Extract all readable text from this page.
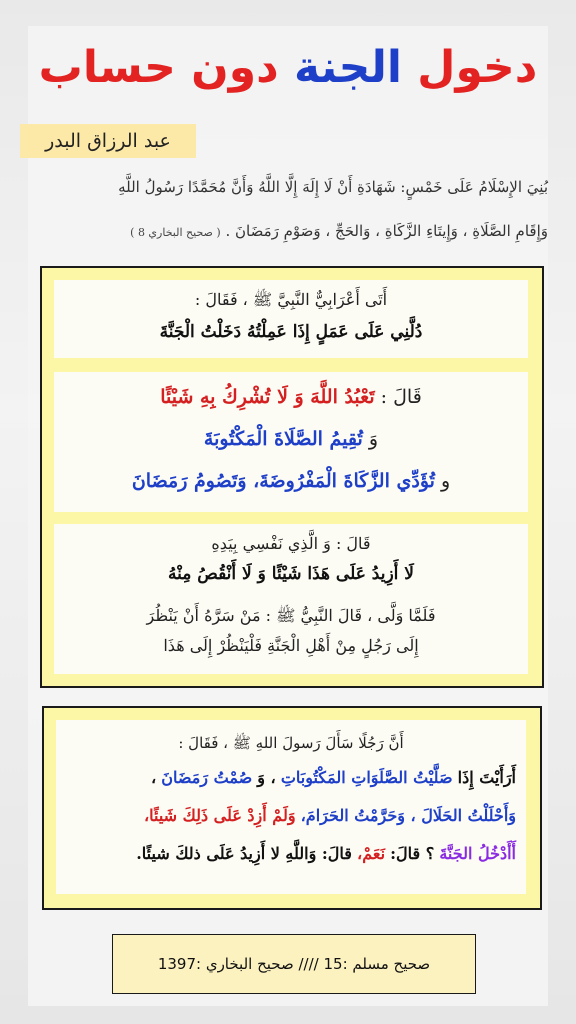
دخول الجنة دون حساب
عبد الرزاق البدر
بُنِيَ الإِسْلَامُ عَلَى خَمْسٍ: شَهَادَةِ أَنْ لَا إِلَهَ إِلَّا اللَّهُ وَأَنَّ مُحَمَّدًا رَسُولُ اللَّهِ
وَإِقَامِ الصَّلَاةِ ، وَإِيتَاءِ الزَّكَاةِ ، وَالحَجِّ ، وَصَوْمِ رَمَضَانَ . ( صحيح البخاري 8 )
أَتَى أَعْرَابِيٌّ النَّبِيَّ ﷺ ، فَقَالَ :
دُلَّنِي عَلَى عَمَلٍ إِذَا عَمِلْتُهُ دَخَلْتُ الْجَنَّةَ
قَالَ : تَعْبُدُ اللَّهَ وَ لَا تُشْرِكُ بِهِ شَيْئًا
وَ تُقِيمُ الصَّلَاةَ الْمَكْتُوبَةَ
و تُؤَدِّي الزَّكَاةَ الْمَفْرُوضَةَ، وَتَصُومُ رَمَضَانَ
قَالَ : وَ الَّذِي نَفْسِي بِيَدِهِ
لَا أَزِيدُ عَلَى هَذَا شَيْئًا وَ لَا أَنْقُصُ مِنْهُ
فَلَمَّا وَلَّى ، قَالَ النَّبِيُّ ﷺ : مَنْ سَرَّهُ أَنْ يَنْظُرَ
إِلَى رَجُلٍ مِنْ أَهْلِ الْجَنَّةِ فَلْيَنْظُرْ إِلَى هَذَا
أَنَّ رَجُلًا سَأَلَ رَسولَ اللهِ ﷺ ، فَقَالَ :
أَرَأَيْتَ إِذَا صَلَّيْتُ الصَّلَوَاتِ المَكْتُوبَاتِ ، وَ صُمْتُ رَمَضَانَ ،
وَأَحْلَلْتُ الحَلَالَ ، وَحَرَّمْتُ الحَرَامَ، وَلَمْ أَزِدْ عَلَى ذَلِكَ شَيئًا،
أَأَدْخُلُ الجَنَّةَ ؟ قالَ: نَعَمْ، قالَ: وَاللَّهِ لا أَزِيدُ عَلَى ذلكَ شيئًا.
صحيح مسلم :15 //// صحيح البخاري :1397
